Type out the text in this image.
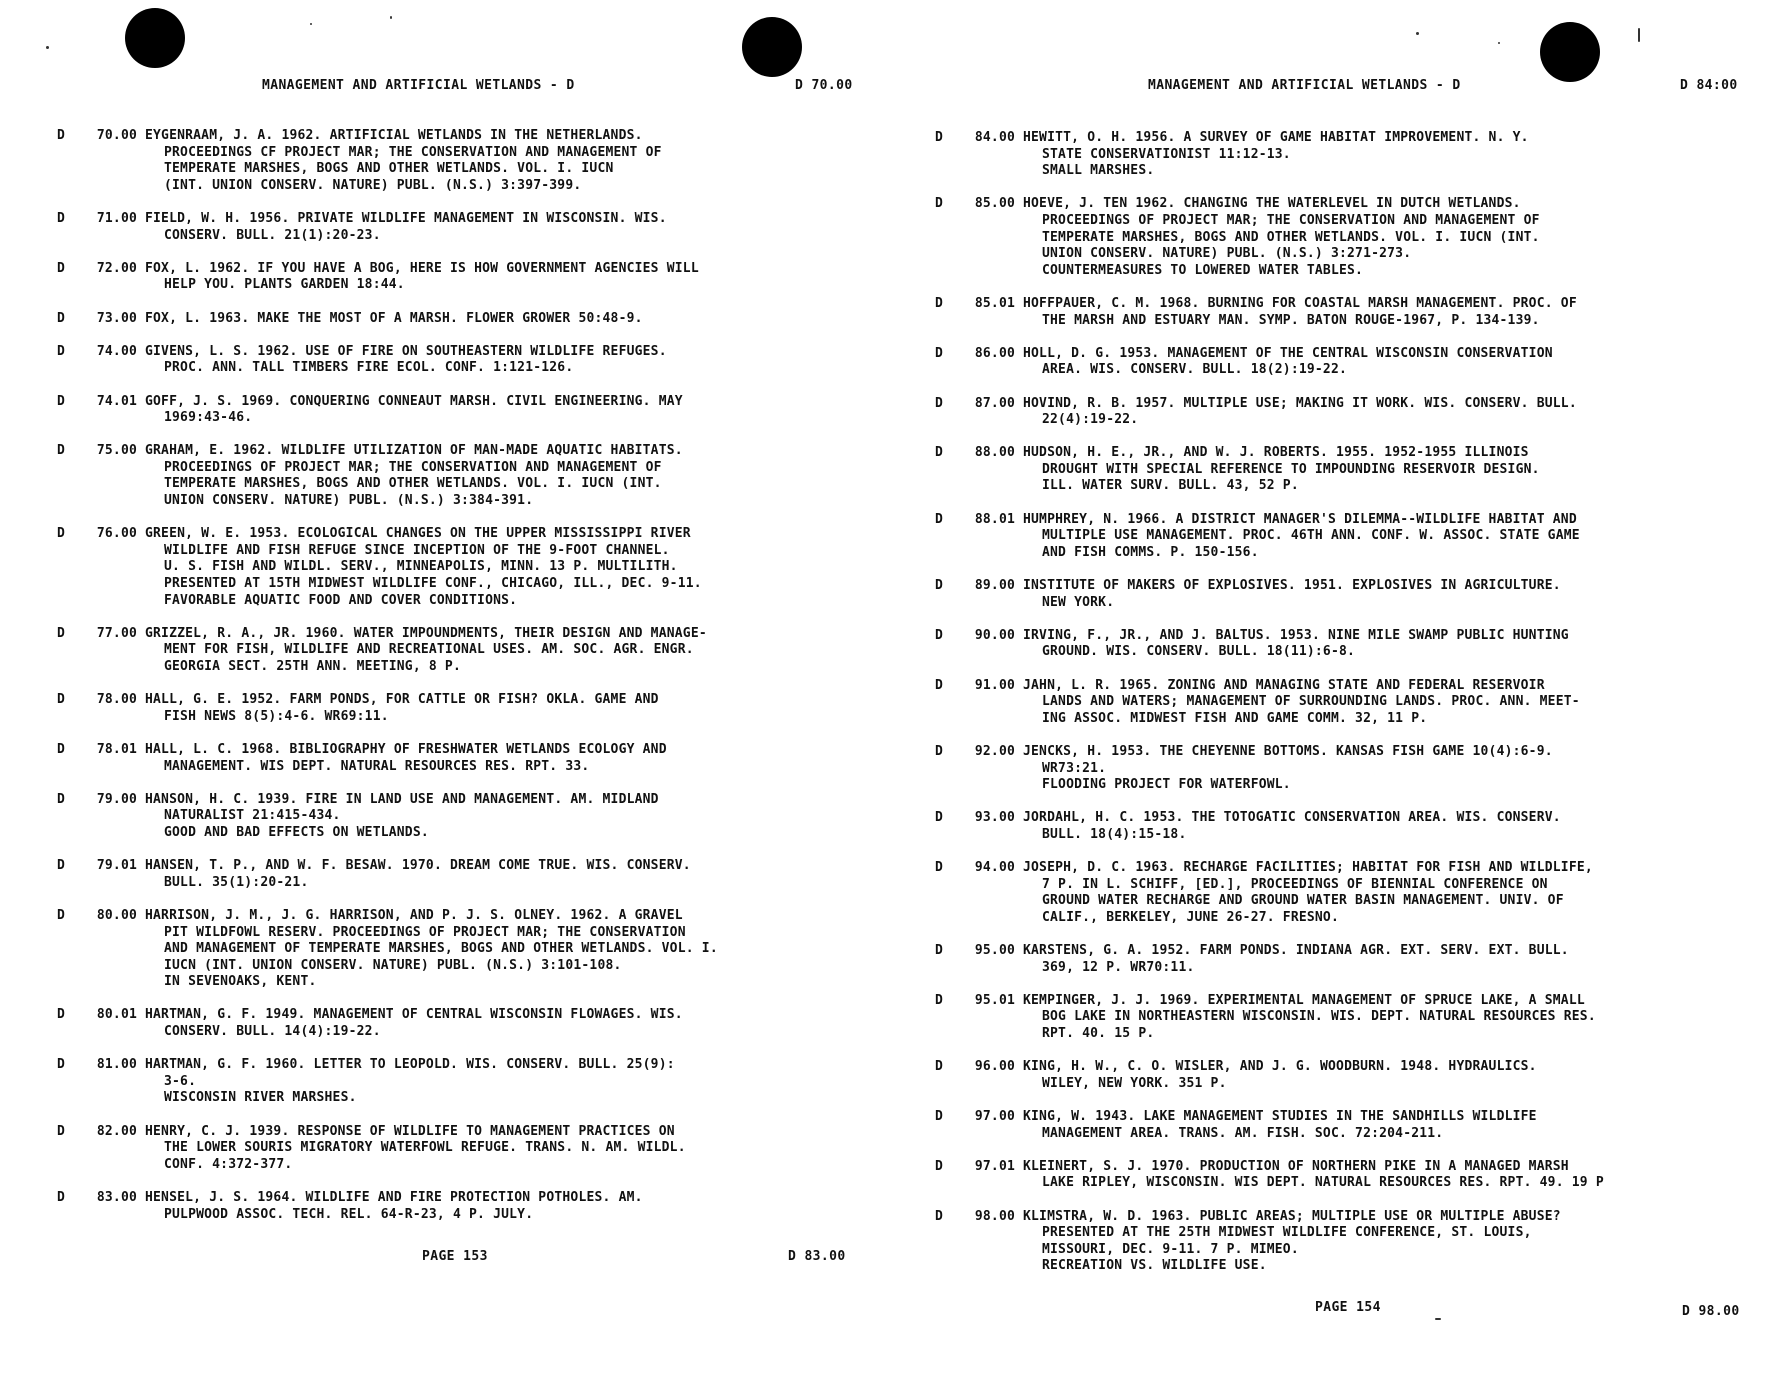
MANAGEMENT AND ARTIFICIAL WETLANDS - D	D 70.00
D	70.00 EYGENRAAM, J. A. 1962. ARTIFICIAL WETLANDS IN THE NETHERLANDS.
PROCEEDINGS CF PROJECT MAR; THE CONSERVATION AND MANAGEMENT OF
TEMPERATE MARSHES, BOGS AND OTHER WETLANDS. VOL. I. IUCN
(INT. UNION CONSERV. NATURE) PUBL. (N.S.) 3:397-399.
D	71.00 FIELD, W. H. 1956. PRIVATE WILDLIFE MANAGEMENT IN WISCONSIN. WIS.
CONSERV. BULL. 21(1):20-23.
D	72.00 FOX, L. 1962. IF YOU HAVE A BOG, HERE IS HOW GOVERNMENT AGENCIES WILL
HELP YOU. PLANTS GARDEN 18:44.
D	73.00 FOX, L. 1963. MAKE THE MOST OF A MARSH. FLOWER GROWER 50:48-9.
D	74.00 GIVENS, L. S. 1962. USE OF FIRE ON SOUTHEASTERN WILDLIFE REFUGES.
PROC. ANN. TALL TIMBERS FIRE ECOL. CONF. 1:121-126.
D	74.01 GOFF, J. S. 1969. CONQUERING CONNEAUT MARSH. CIVIL ENGINEERING. MAY
1969:43-46.
D	75.00 GRAHAM, E. 1962. WILDLIFE UTILIZATION OF MAN-MADE AQUATIC HABITATS.
PROCEEDINGS OF PROJECT MAR; THE CONSERVATION AND MANAGEMENT OF
TEMPERATE MARSHES, BOGS AND OTHER WETLANDS. VOL. I. IUCN (INT.
UNION CONSERV. NATURE) PUBL. (N.S.) 3:384-391.
D	76.00 GREEN, W. E. 1953. ECOLOGICAL CHANGES ON THE UPPER MISSISSIPPI RIVER
WILDLIFE AND FISH REFUGE SINCE INCEPTION OF THE 9-FOOT CHANNEL.
U. S. FISH AND WILDL. SERV., MINNEAPOLIS, MINN. 13 P. MULTILITH.
PRESENTED AT 15TH MIDWEST WILDLIFE CONF., CHICAGO, ILL., DEC. 9-11.
FAVORABLE AQUATIC FOOD AND COVER CONDITIONS.
D	77.00 GRIZZEL, R. A., JR. 1960. WATER IMPOUNDMENTS, THEIR DESIGN AND MANAGE-
MENT FOR FISH, WILDLIFE AND RECREATIONAL USES. AM. SOC. AGR. ENGR.
GEORGIA SECT. 25TH ANN. MEETING, 8 P.
D	78.00 HALL, G. E. 1952. FARM PONDS, FOR CATTLE OR FISH? OKLA. GAME AND
FISH NEWS 8(5):4-6. WR69:11.
D	78.01 HALL, L. C. 1968. BIBLIOGRAPHY OF FRESHWATER WETLANDS ECOLOGY AND
MANAGEMENT. WIS DEPT. NATURAL RESOURCES RES. RPT. 33.
D	79.00 HANSON, H. C. 1939. FIRE IN LAND USE AND MANAGEMENT. AM. MIDLAND
NATURALIST 21:415-434.
GOOD AND BAD EFFECTS ON WETLANDS.
D	79.01 HANSEN, T. P., AND W. F. BESAW. 1970. DREAM COME TRUE. WIS. CONSERV.
BULL. 35(1):20-21.
D	80.00 HARRISON, J. M., J. G. HARRISON, AND P. J. S. OLNEY. 1962. A GRAVEL
PIT WILDFOWL RESERV. PROCEEDINGS OF PROJECT MAR; THE CONSERVATION
AND MANAGEMENT OF TEMPERATE MARSHES, BOGS AND OTHER WETLANDS. VOL. I.
IUCN (INT. UNION CONSERV. NATURE) PUBL. (N.S.) 3:101-108.
IN SEVENOAKS, KENT.
D	80.01 HARTMAN, G. F. 1949. MANAGEMENT OF CENTRAL WISCONSIN FLOWAGES. WIS.
CONSERV. BULL. 14(4):19-22.
D	81.00 HARTMAN, G. F. 1960. LETTER TO LEOPOLD. WIS. CONSERV. BULL. 25(9):
3-6.
WISCONSIN RIVER MARSHES.
D	82.00 HENRY, C. J. 1939. RESPONSE OF WILDLIFE TO MANAGEMENT PRACTICES ON
THE LOWER SOURIS MIGRATORY WATERFOWL REFUGE. TRANS. N. AM. WILDL.
CONF. 4:372-377.
D	83.00 HENSEL, J. S. 1964. WILDLIFE AND FIRE PROTECTION POTHOLES. AM.
PULPWOOD ASSOC. TECH. REL. 64-R-23, 4 P. JULY.
PAGE 153	D 83.00
MANAGEMENT AND ARTIFICIAL WETLANDS - D	D 84:00
D	84.00 HEWITT, O. H. 1956. A SURVEY OF GAME HABITAT IMPROVEMENT. N. Y.
STATE CONSERVATIONIST 11:12-13.
SMALL MARSHES.
D	85.00 HOEVE, J. TEN 1962. CHANGING THE WATERLEVEL IN DUTCH WETLANDS.
PROCEEDINGS OF PROJECT MAR; THE CONSERVATION AND MANAGEMENT OF
TEMPERATE MARSHES, BOGS AND OTHER WETLANDS. VOL. I. IUCN (INT.
UNION CONSERV. NATURE) PUBL. (N.S.) 3:271-273.
COUNTERMEASURES TO LOWERED WATER TABLES.
D	85.01 HOFFPAUER, C. M. 1968. BURNING FOR COASTAL MARSH MANAGEMENT. PROC. OF
THE MARSH AND ESTUARY MAN. SYMP. BATON ROUGE-1967, P. 134-139.
D	86.00 HOLL, D. G. 1953. MANAGEMENT OF THE CENTRAL WISCONSIN CONSERVATION
AREA. WIS. CONSERV. BULL. 18(2):19-22.
D	87.00 HOVIND, R. B. 1957. MULTIPLE USE; MAKING IT WORK. WIS. CONSERV. BULL.
22(4):19-22.
D	88.00 HUDSON, H. E., JR., AND W. J. ROBERTS. 1955. 1952-1955 ILLINOIS
DROUGHT WITH SPECIAL REFERENCE TO IMPOUNDING RESERVOIR DESIGN.
ILL. WATER SURV. BULL. 43, 52 P.
D	88.01 HUMPHREY, N. 1966. A DISTRICT MANAGER'S DILEMMA--WILDLIFE HABITAT AND
MULTIPLE USE MANAGEMENT. PROC. 46TH ANN. CONF. W. ASSOC. STATE GAME
AND FISH COMMS. P. 150-156.
D	89.00 INSTITUTE OF MAKERS OF EXPLOSIVES. 1951. EXPLOSIVES IN AGRICULTURE.
NEW YORK.
D	90.00 IRVING, F., JR., AND J. BALTUS. 1953. NINE MILE SWAMP PUBLIC HUNTING
GROUND. WIS. CONSERV. BULL. 18(11):6-8.
D	91.00 JAHN, L. R. 1965. ZONING AND MANAGING STATE AND FEDERAL RESERVOIR
LANDS AND WATERS; MANAGEMENT OF SURROUNDING LANDS. PROC. ANN. MEET-
ING ASSOC. MIDWEST FISH AND GAME COMM. 32, 11 P.
D	92.00 JENCKS, H. 1953. THE CHEYENNE BOTTOMS. KANSAS FISH GAME 10(4):6-9.
WR73:21.
FLOODING PROJECT FOR WATERFOWL.
D	93.00 JORDAHL, H. C. 1953. THE TOTOGATIC CONSERVATION AREA. WIS. CONSERV.
BULL. 18(4):15-18.
D	94.00 JOSEPH, D. C. 1963. RECHARGE FACILITIES; HABITAT FOR FISH AND WILDLIFE,
7 P. IN L. SCHIFF, [ED.], PROCEEDINGS OF BIENNIAL CONFERENCE ON
GROUND WATER RECHARGE AND GROUND WATER BASIN MANAGEMENT. UNIV. OF
CALIF., BERKELEY, JUNE 26-27. FRESNO.
D	95.00 KARSTENS, G. A. 1952. FARM PONDS. INDIANA AGR. EXT. SERV. EXT. BULL.
369, 12 P. WR70:11.
D	95.01 KEMPINGER, J. J. 1969. EXPERIMENTAL MANAGEMENT OF SPRUCE LAKE, A SMALL
BOG LAKE IN NORTHEASTERN WISCONSIN. WIS. DEPT. NATURAL RESOURCES RES.
RPT. 40. 15 P.
D	96.00 KING, H. W., C. O. WISLER, AND J. G. WOODBURN. 1948. HYDRAULICS.
WILEY, NEW YORK. 351 P.
D	97.00 KING, W. 1943. LAKE MANAGEMENT STUDIES IN THE SANDHILLS WILDLIFE
MANAGEMENT AREA. TRANS. AM. FISH. SOC. 72:204-211.
D	97.01 KLEINERT, S. J. 1970. PRODUCTION OF NORTHERN PIKE IN A MANAGED MARSH
LAKE RIPLEY, WISCONSIN. WIS DEPT. NATURAL RESOURCES RES. RPT. 49. 19 P
D	98.00 KLIMSTRA, W. D. 1963. PUBLIC AREAS; MULTIPLE USE OR MULTIPLE ABUSE?
PRESENTED AT THE 25TH MIDWEST WILDLIFE CONFERENCE, ST. LOUIS,
MISSOURI, DEC. 9-11. 7 P. MIMEO.
RECREATION VS. WILDLIFE USE.
PAGE 154	D 98.00
